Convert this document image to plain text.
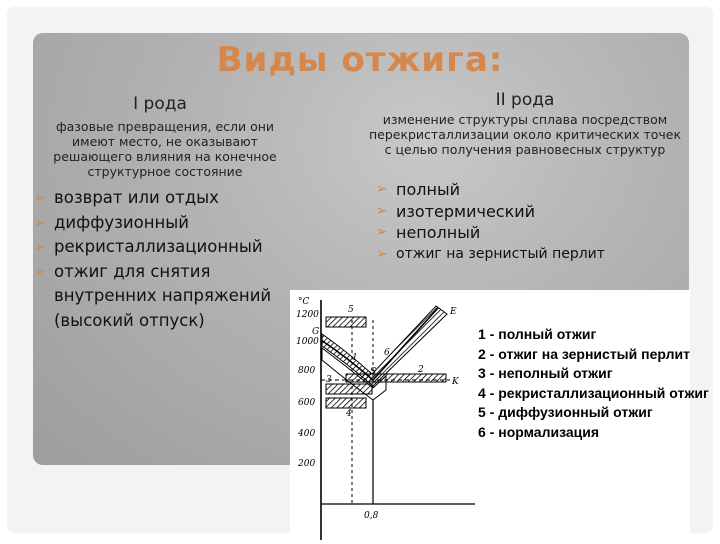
Виды отжига:
I рода
фазовые превращения, если они имеют место, не оказывают решающего влияния на конечное структурное состояние
➢ возврат или отдых
➢ диффузионный
➢ рекристаллизационный
➢ отжиг для снятия внутренних напряжений (высокий отпуск)
II рода
изменение структуры сплава посредством перекристаллизации около критических точек с целью получения равновесных структур
➢ полный
➢ изотермический
➢ неполный
➢ отжиг на зернистый перлит
°C
1200
1000
800
600
400
200
5
6
1
3
2
4
E
G
S
K
0,8
1 - полный отжиг
2 - отжиг на зернистый перлит
3 - неполный отжиг
4 - рекристаллизационный отжиг
5 - диффузионный отжиг
6 - нормализация
